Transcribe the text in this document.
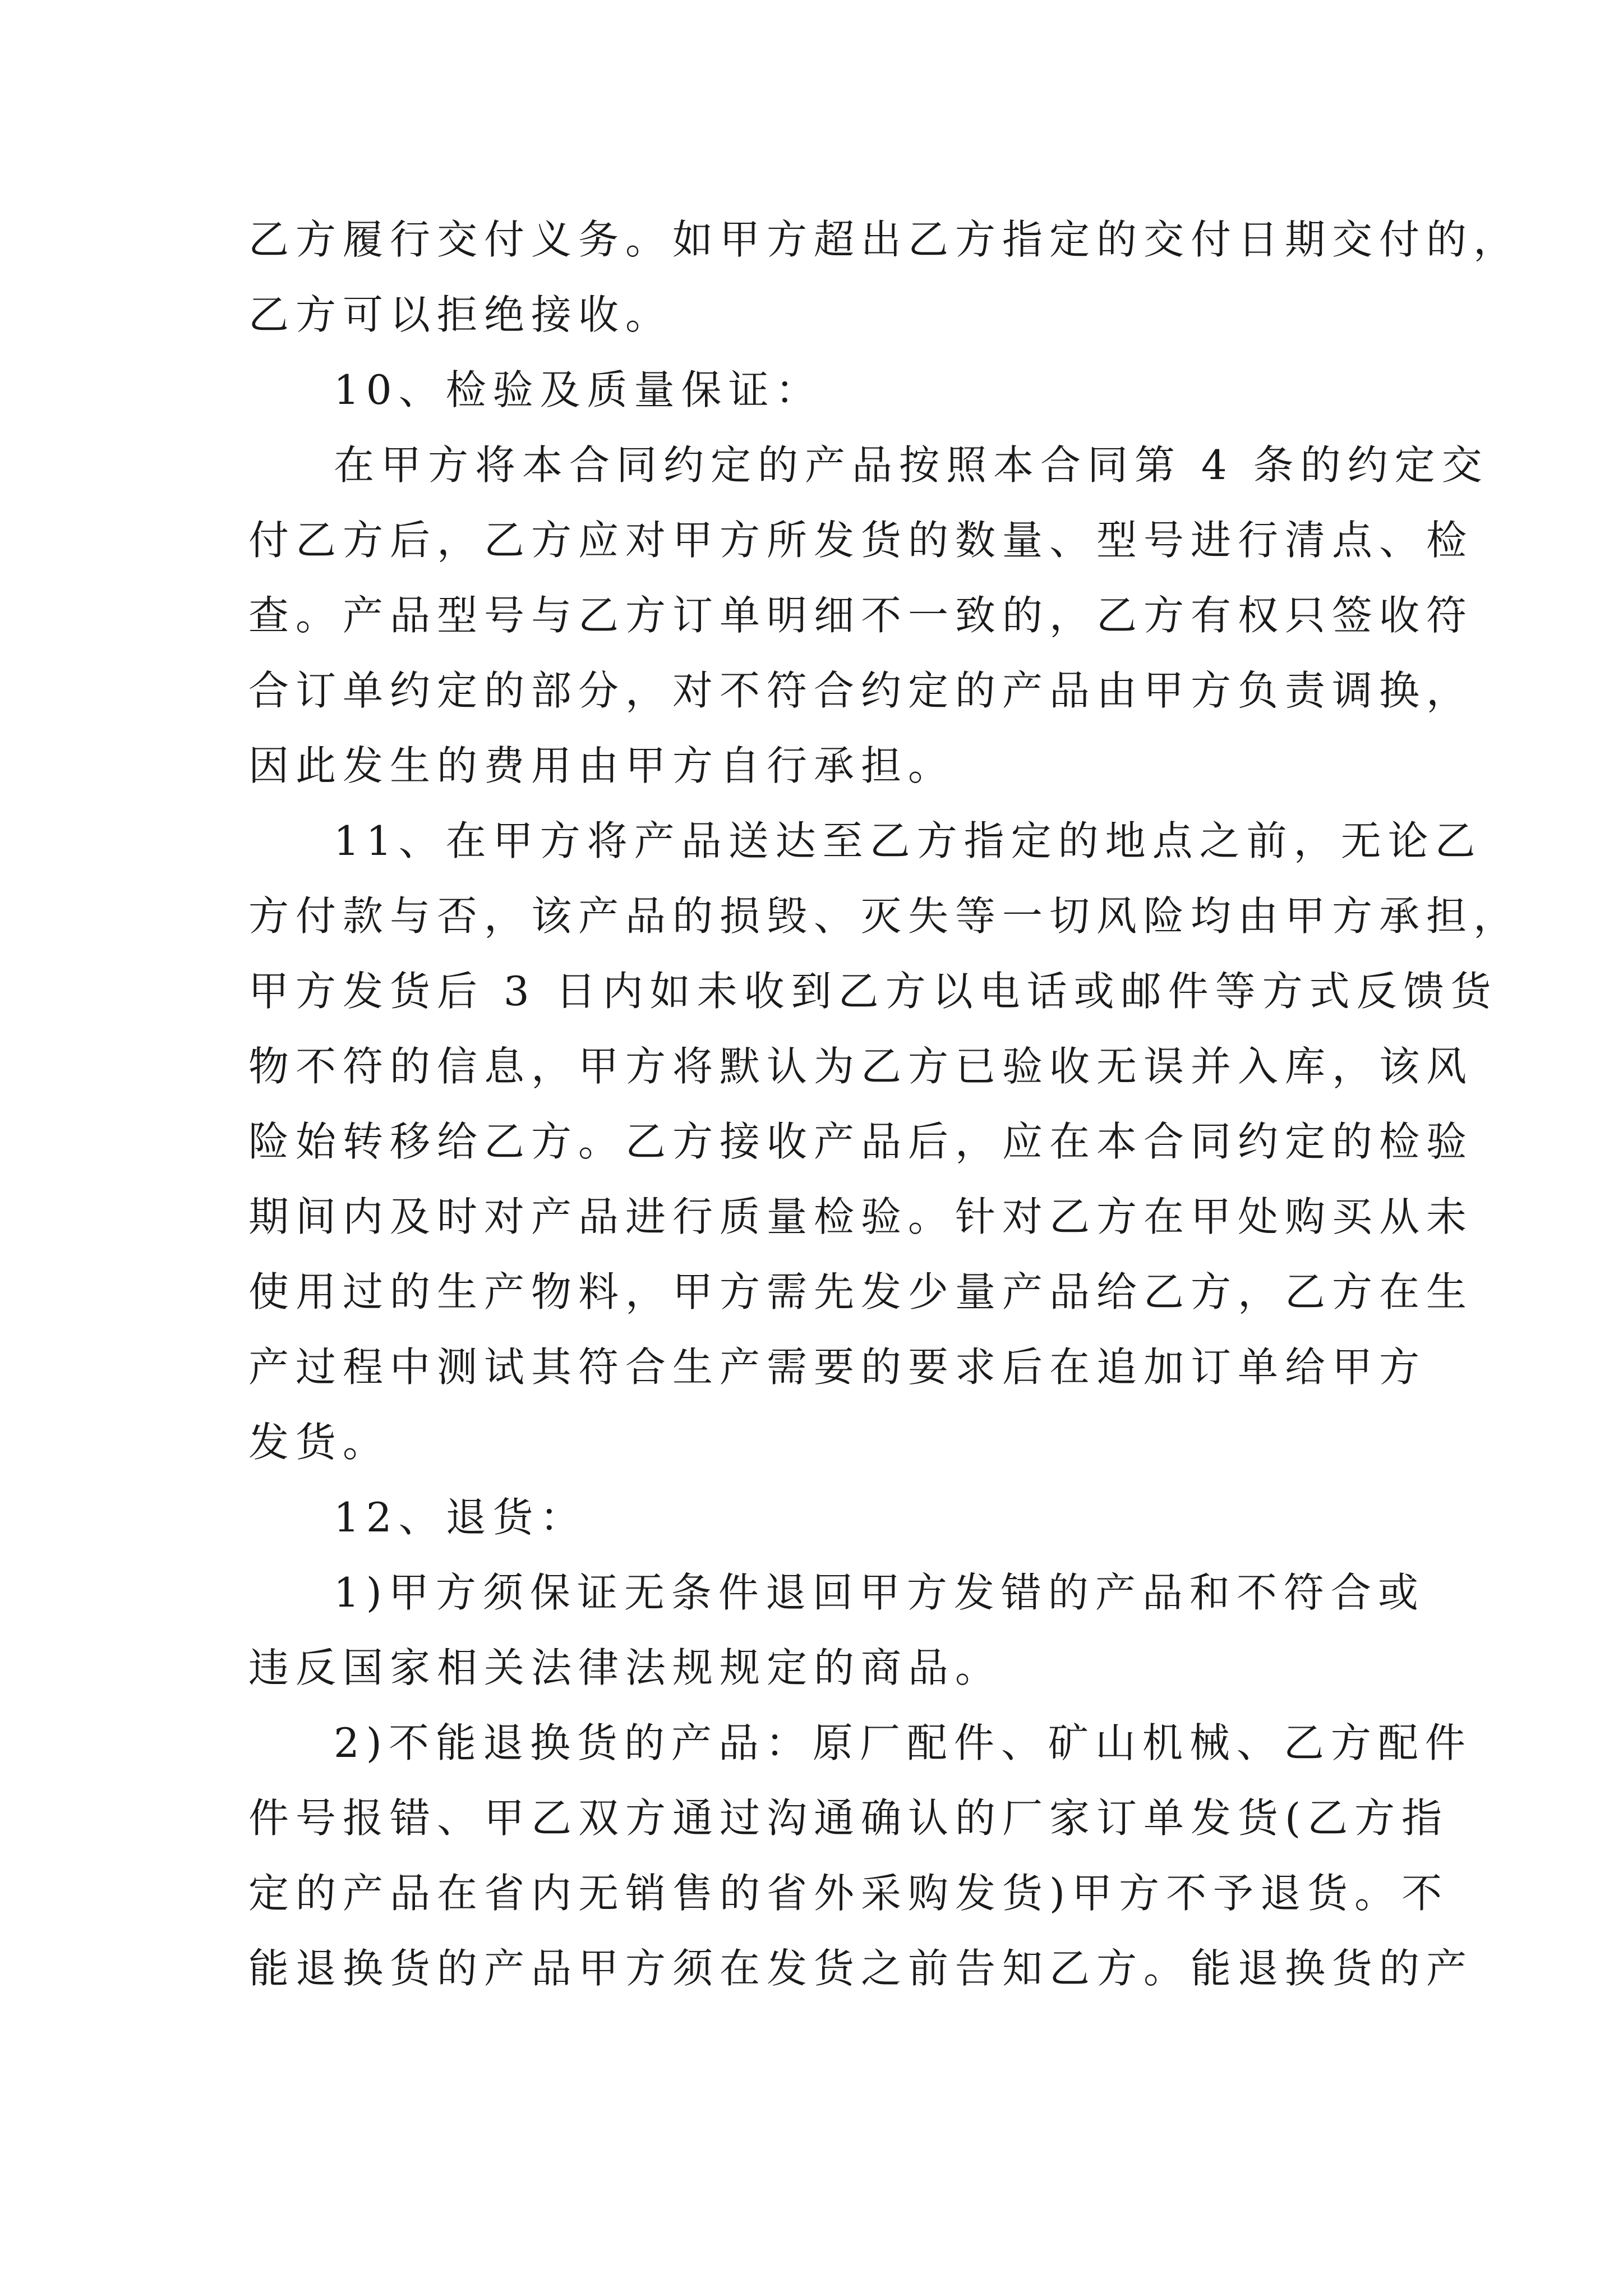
乙方履行交付义务。如甲方超出乙方指定的交付日期交付的，
乙方可以拒绝接收。

10、检验及质量保证：

在甲方将本合同约定的产品按照本合同第 4 条的约定交
付乙方后，乙方应对甲方所发货的数量、型号进行清点、检
查。产品型号与乙方订单明细不一致的，乙方有权只签收符
合订单约定的部分，对不符合约定的产品由甲方负责调换，
因此发生的费用由甲方自行承担。

11、在甲方将产品送达至乙方指定的地点之前，无论乙
方付款与否，该产品的损毁、灭失等一切风险均由甲方承担，
甲方发货后 3 日内如未收到乙方以电话或邮件等方式反馈货
物不符的信息，甲方将默认为乙方已验收无误并入库，该风
险始转移给乙方。乙方接收产品后，应在本合同约定的检验
期间内及时对产品进行质量检验。针对乙方在甲处购买从未
使用过的生产物料，甲方需先发少量产品给乙方，乙方在生
产过程中测试其符合生产需要的要求后在追加订单给甲方
发货。

12、退货：

1)甲方须保证无条件退回甲方发错的产品和不符合或
违反国家相关法律法规规定的商品。

2)不能退换货的产品：原厂配件、矿山机械、乙方配件
件号报错、甲乙双方通过沟通确认的厂家订单发货(乙方指
定的产品在省内无销售的省外采购发货)甲方不予退货。不
能退换货的产品甲方须在发货之前告知乙方。能退换货的产
